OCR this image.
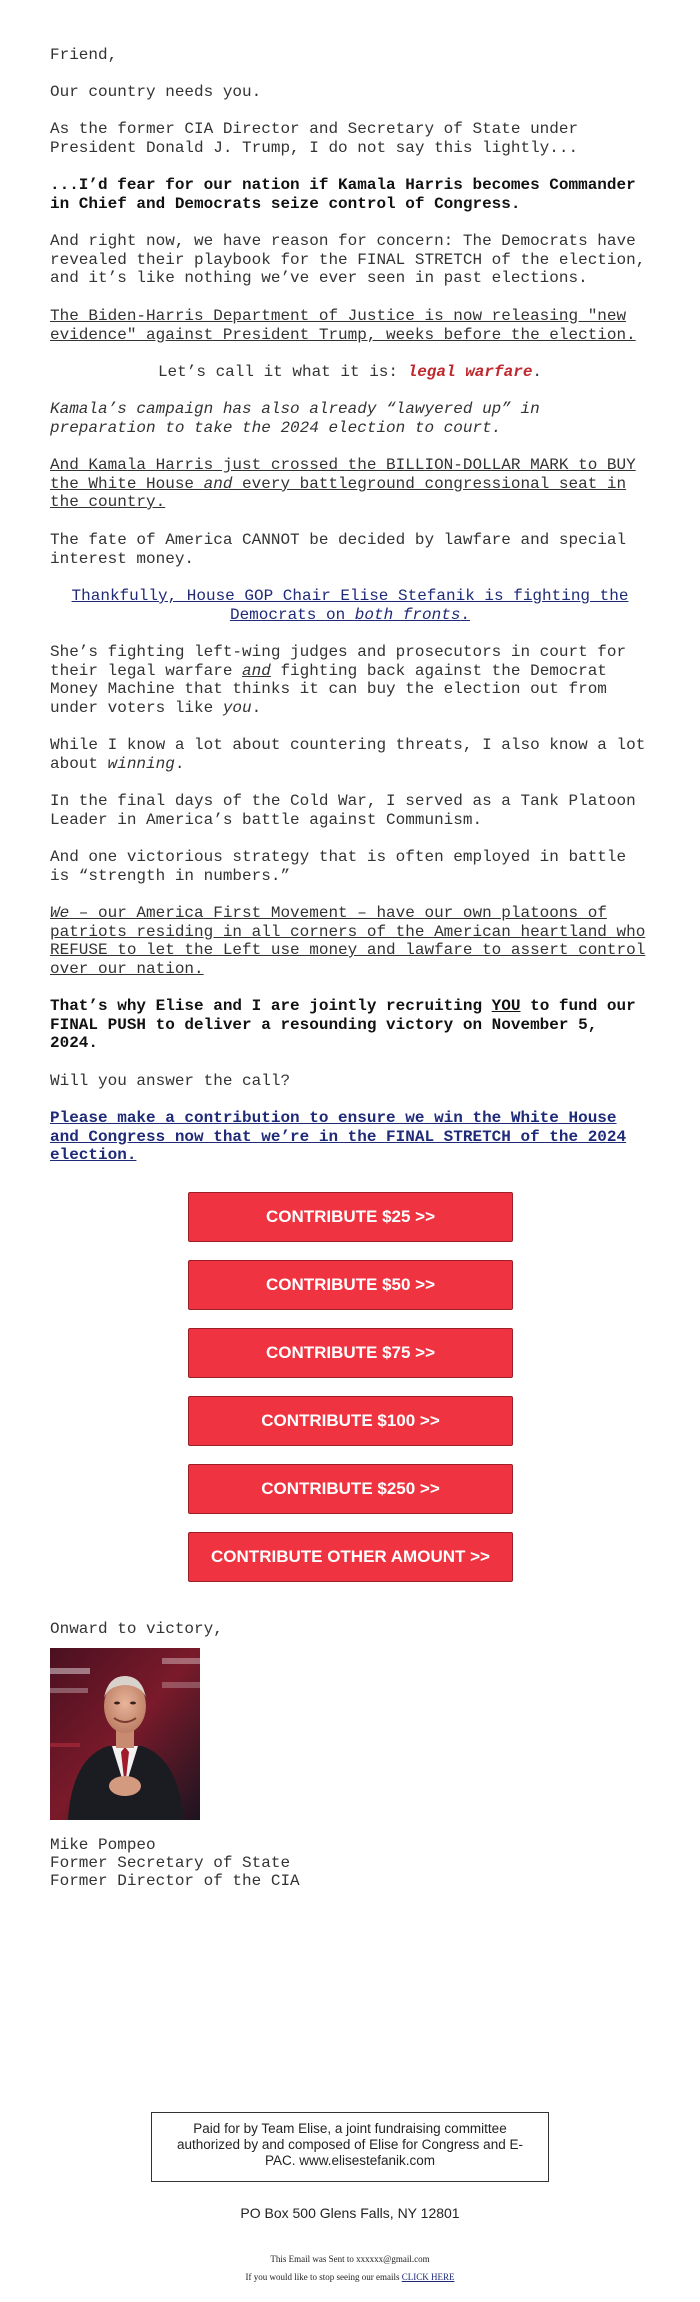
Friend,

Our country needs you.

As the former CIA Director and Secretary of State under President Donald J. Trump, I do not say this lightly...

...I’d fear for our nation if Kamala Harris becomes Commander in Chief and Democrats seize control of Congress.

And right now, we have reason for concern: The Democrats have revealed their playbook for the FINAL STRETCH of the election, and it’s like nothing we’ve ever seen in past elections.

The Biden-Harris Department of Justice is now releasing "new evidence" against President Trump, weeks before the election.

Let’s call it what it is: legal warfare.

Kamala’s campaign has also already “lawyered up” in preparation to take the 2024 election to court.

And Kamala Harris just crossed the BILLION-DOLLAR MARK to BUY the White House and every battleground congressional seat in the country.

The fate of America CANNOT be decided by lawfare and special interest money.

Thankfully, House GOP Chair Elise Stefanik is fighting the Democrats on both fronts.

She’s fighting left-wing judges and prosecutors in court for their legal warfare and fighting back against the Democrat Money Machine that thinks it can buy the election out from under voters like you.

While I know a lot about countering threats, I also know a lot about winning.

In the final days of the Cold War, I served as a Tank Platoon Leader in America’s battle against Communism.

And one victorious strategy that is often employed in battle is “strength in numbers.”

We – our America First Movement – have our own platoons of patriots residing in all corners of the American heartland who REFUSE to let the Left use money and lawfare to assert control over our nation.

That’s why Elise and I are jointly recruiting YOU to fund our FINAL PUSH to deliver a resounding victory on November 5, 2024.

Will you answer the call?

Please make a contribution to ensure we win the White House and Congress now that we’re in the FINAL STRETCH of the 2024 election.

CONTRIBUTE $25 >>
CONTRIBUTE $50 >>
CONTRIBUTE $75 >>
CONTRIBUTE $100 >>
CONTRIBUTE $250 >>
CONTRIBUTE OTHER AMOUNT >>

Onward to victory,

Mike Pompeo

Former Secretary of State

Former Director of the CIA

Paid for by Team Elise, a joint fundraising committee authorized by and composed of Elise for Congress and E-PAC. www.elisestefanik.com
PO Box 500 Glens Falls, NY 12801
This Email was Sent to xxxxxx@gmail.com
If you would like to stop seeing our emails CLICK HERE
